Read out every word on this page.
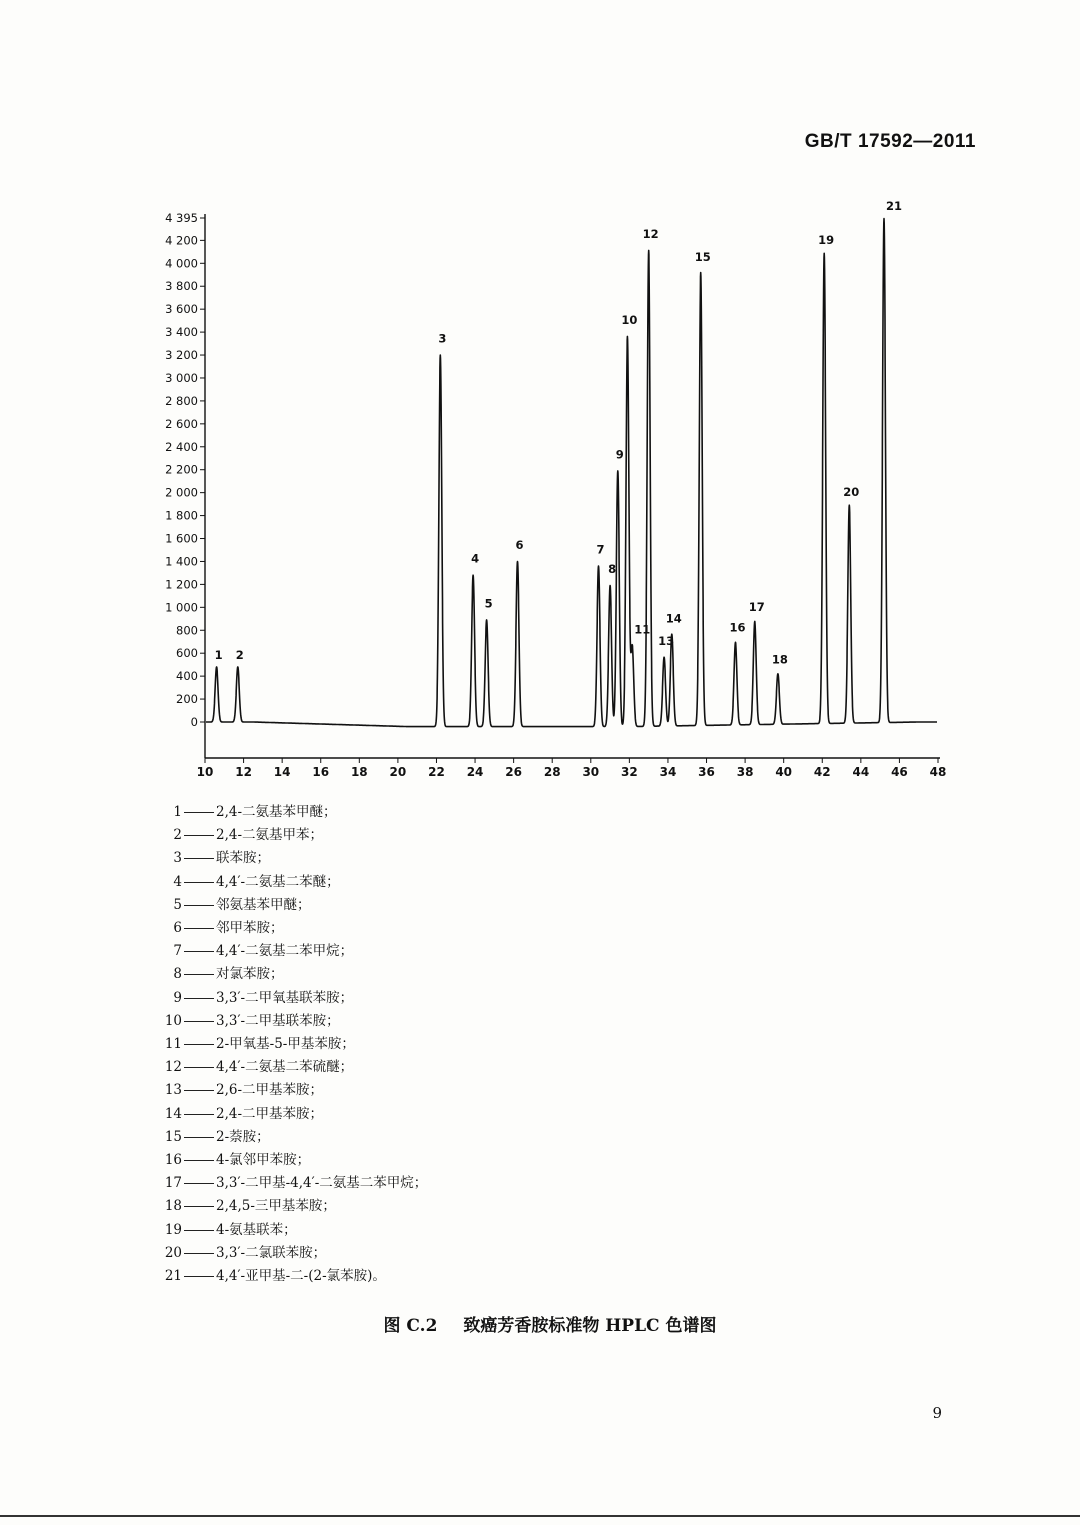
GB/T 17592—2011
0
200
400
600
800
1 000
1 200
1 400
1 600
1 800
2 000
2 200
2 400
2 600
2 800
3 000
3 200
3 400
3 600
3 800
4 000
4 200
4 395
10 12 14 16 18 20 22 24 26 28 30 32 34 36 38 40 42 44 46 48
1 2
3
4
5
6	7
8
9
10
11
12
13
14
15
16
17
18
19
20
21
1	2,4-二氨基苯甲醚；
2	2,4-二氨基甲苯；
3	联苯胺；
4	4,4′-二氨基二苯醚；
5	邻氨基苯甲醚；
6	邻甲苯胺；
7	4,4′-二氨基二苯甲烷；
8	对氯苯胺；
9	3,3′-二甲氧基联苯胺；
10	3,3′-二甲基联苯胺；
11	2-甲氧基-5-甲基苯胺；
12	4,4′-二氨基二苯硫醚；
13	2,6-二甲基苯胺；
14	2,4-二甲基苯胺；
15	2-萘胺；
16	4-氯邻甲苯胺；
17	3,3′-二甲基-4,4′-二氨基二苯甲烷；
18	2,4,5-三甲基苯胺；
19	4-氨基联苯；
20	3,3′-二氯联苯胺；
21	4,4′-亚甲基-二-(2-氯苯胺)。
图 C.2 致癌芳香胺标准物 HPLC 色谱图
9
